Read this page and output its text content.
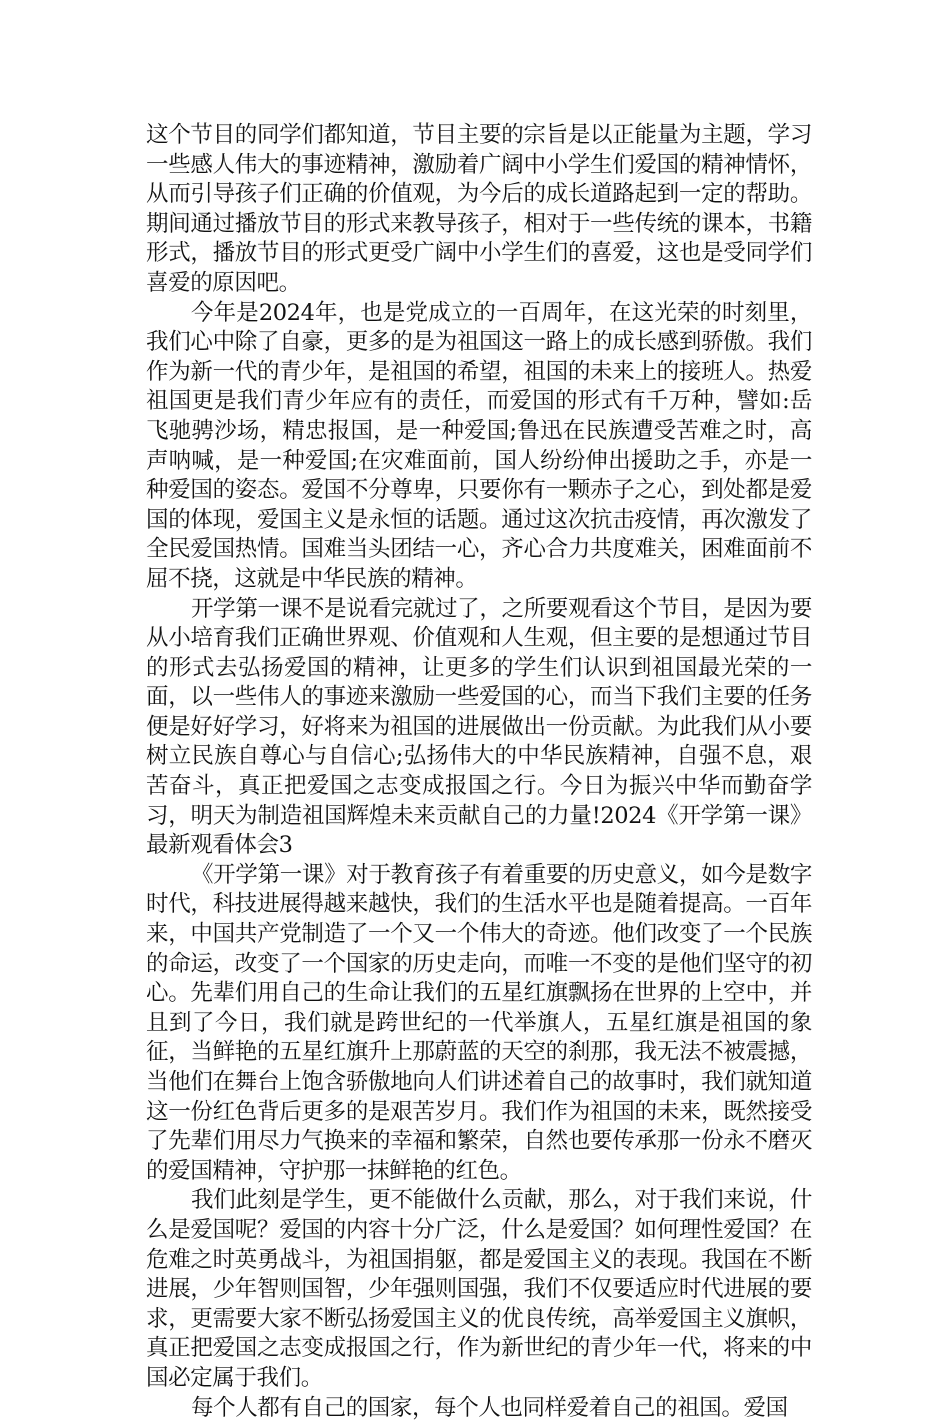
这个节目的同学们都知道，节目主要的宗旨是以正能量为主题，学习一些感人伟大的事迹精神，激励着广阔中小学生们爱国的精神情怀，从而引导孩子们正确的价值观，为今后的成长道路起到一定的帮助。期间通过播放节目的形式来教导孩子，相对于一些传统的课本，书籍形式，播放节目的形式更受广阔中小学生们的喜爱，这也是受同学们喜爱的原因吧。

今年是2024年，也是党成立的一百周年，在这光荣的时刻里，我们心中除了自豪，更多的是为祖国这一路上的成长感到骄傲。我们作为新一代的青少年，是祖国的希望，祖国的未来上的接班人。热爱祖国更是我们青少年应有的责任，而爱国的形式有千万种，譬如:岳飞驰骋沙场，精忠报国，是一种爱国;鲁迅在民族遭受苦难之时，高声呐喊，是一种爱国;在灾难面前，国人纷纷伸出援助之手，亦是一种爱国的姿态。爱国不分尊卑，只要你有一颗赤子之心，到处都是爱国的体现，爱国主义是永恒的话题。通过这次抗击疫情，再次激发了全民爱国热情。国难当头团结一心，齐心合力共度难关，困难面前不屈不挠，这就是中华民族的精神。

开学第一课不是说看完就过了，之所要观看这个节目，是因为要从小培育我们正确世界观、价值观和人生观，但主要的是想通过节目的形式去弘扬爱国的精神，让更多的学生们认识到祖国最光荣的一面，以一些伟人的事迹来激励一些爱国的心，而当下我们主要的任务便是好好学习，好将来为祖国的进展做出一份贡献。为此我们从小要树立民族自尊心与自信心;弘扬伟大的中华民族精神，自强不息，艰苦奋斗，真正把爱国之志变成报国之行。今日为振兴中华而勤奋学习，明天为制造祖国辉煌未来贡献自己的力量!2024《开学第一课》最新观看体会3

《开学第一课》对于教育孩子有着重要的历史意义，如今是数字时代，科技进展得越来越快，我们的生活水平也是随着提高。一百年来，中国共产党制造了一个又一个伟大的奇迹。他们改变了一个民族的命运，改变了一个国家的历史走向，而唯一不变的是他们坚守的初心。先辈们用自己的生命让我们的五星红旗飘扬在世界的上空中，并且到了今日，我们就是跨世纪的一代举旗人，五星红旗是祖国的象征，当鲜艳的五星红旗升上那蔚蓝的天空的刹那，我无法不被震撼，当他们在舞台上饱含骄傲地向人们讲述着自己的故事时，我们就知道这一份红色背后更多的是艰苦岁月。我们作为祖国的未来，既然接受了先辈们用尽力气换来的幸福和繁荣，自然也要传承那一份永不磨灭的爱国精神，守护那一抹鲜艳的红色。

我们此刻是学生，更不能做什么贡献，那么，对于我们来说，什么是爱国呢？爱国的内容十分广泛，什么是爱国？如何理性爱国？在危难之时英勇战斗，为祖国捐躯，都是爱国主义的表现。我国在不断进展，少年智则国智，少年强则国强，我们不仅要适应时代进展的要求，更需要大家不断弘扬爱国主义的优良传统，高举爱国主义旗帜，真正把爱国之志变成报国之行，作为新世纪的青少年一代，将来的中国必定属于我们。

每个人都有自己的国家，每个人也同样爱着自己的祖国。爱国
